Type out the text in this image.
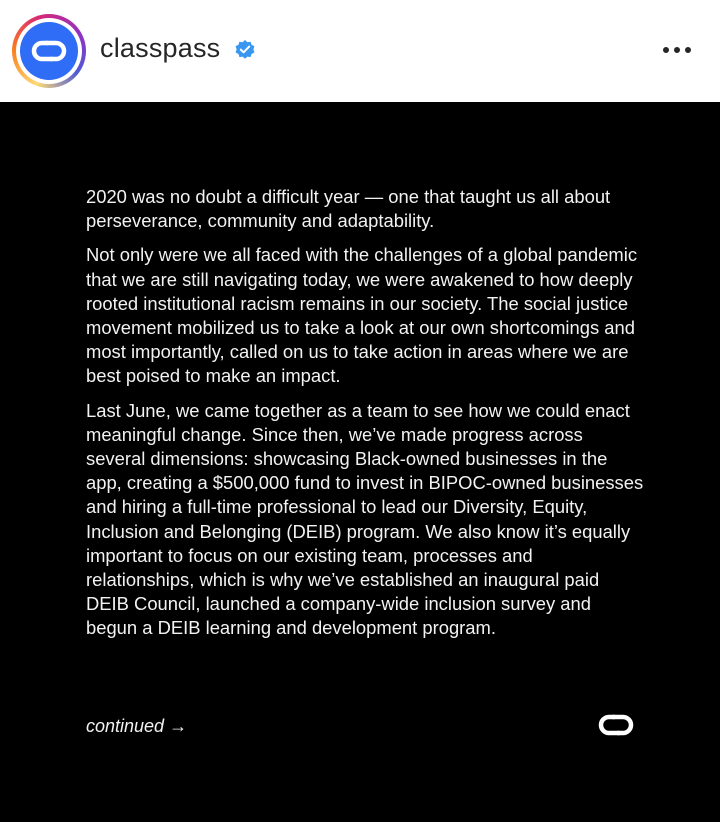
classpass

2020 was no doubt a difficult year — one that taught us all about perseverance, community and adaptability.

Not only were we all faced with the challenges of a global pandemic that we are still navigating today, we were awakened to how deeply rooted institutional racism remains in our society. The social justice movement mobilized us to take a look at our own shortcomings and most importantly, called on us to take action in areas where we are best poised to make an impact.

Last June, we came together as a team to see how we could enact meaningful change. Since then, we’ve made progress across several dimensions: showcasing Black-owned businesses in the app, creating a $500,000 fund to invest in BIPOC-owned businesses and hiring a full-time professional to lead our Diversity, Equity, Inclusion and Belonging (DEIB) program. We also know it’s equally important to focus on our existing team, processes and relationships, which is why we’ve established an inaugural paid DEIB Council, launched a company-wide inclusion survey and begun a DEIB learning and development program.

continued →
